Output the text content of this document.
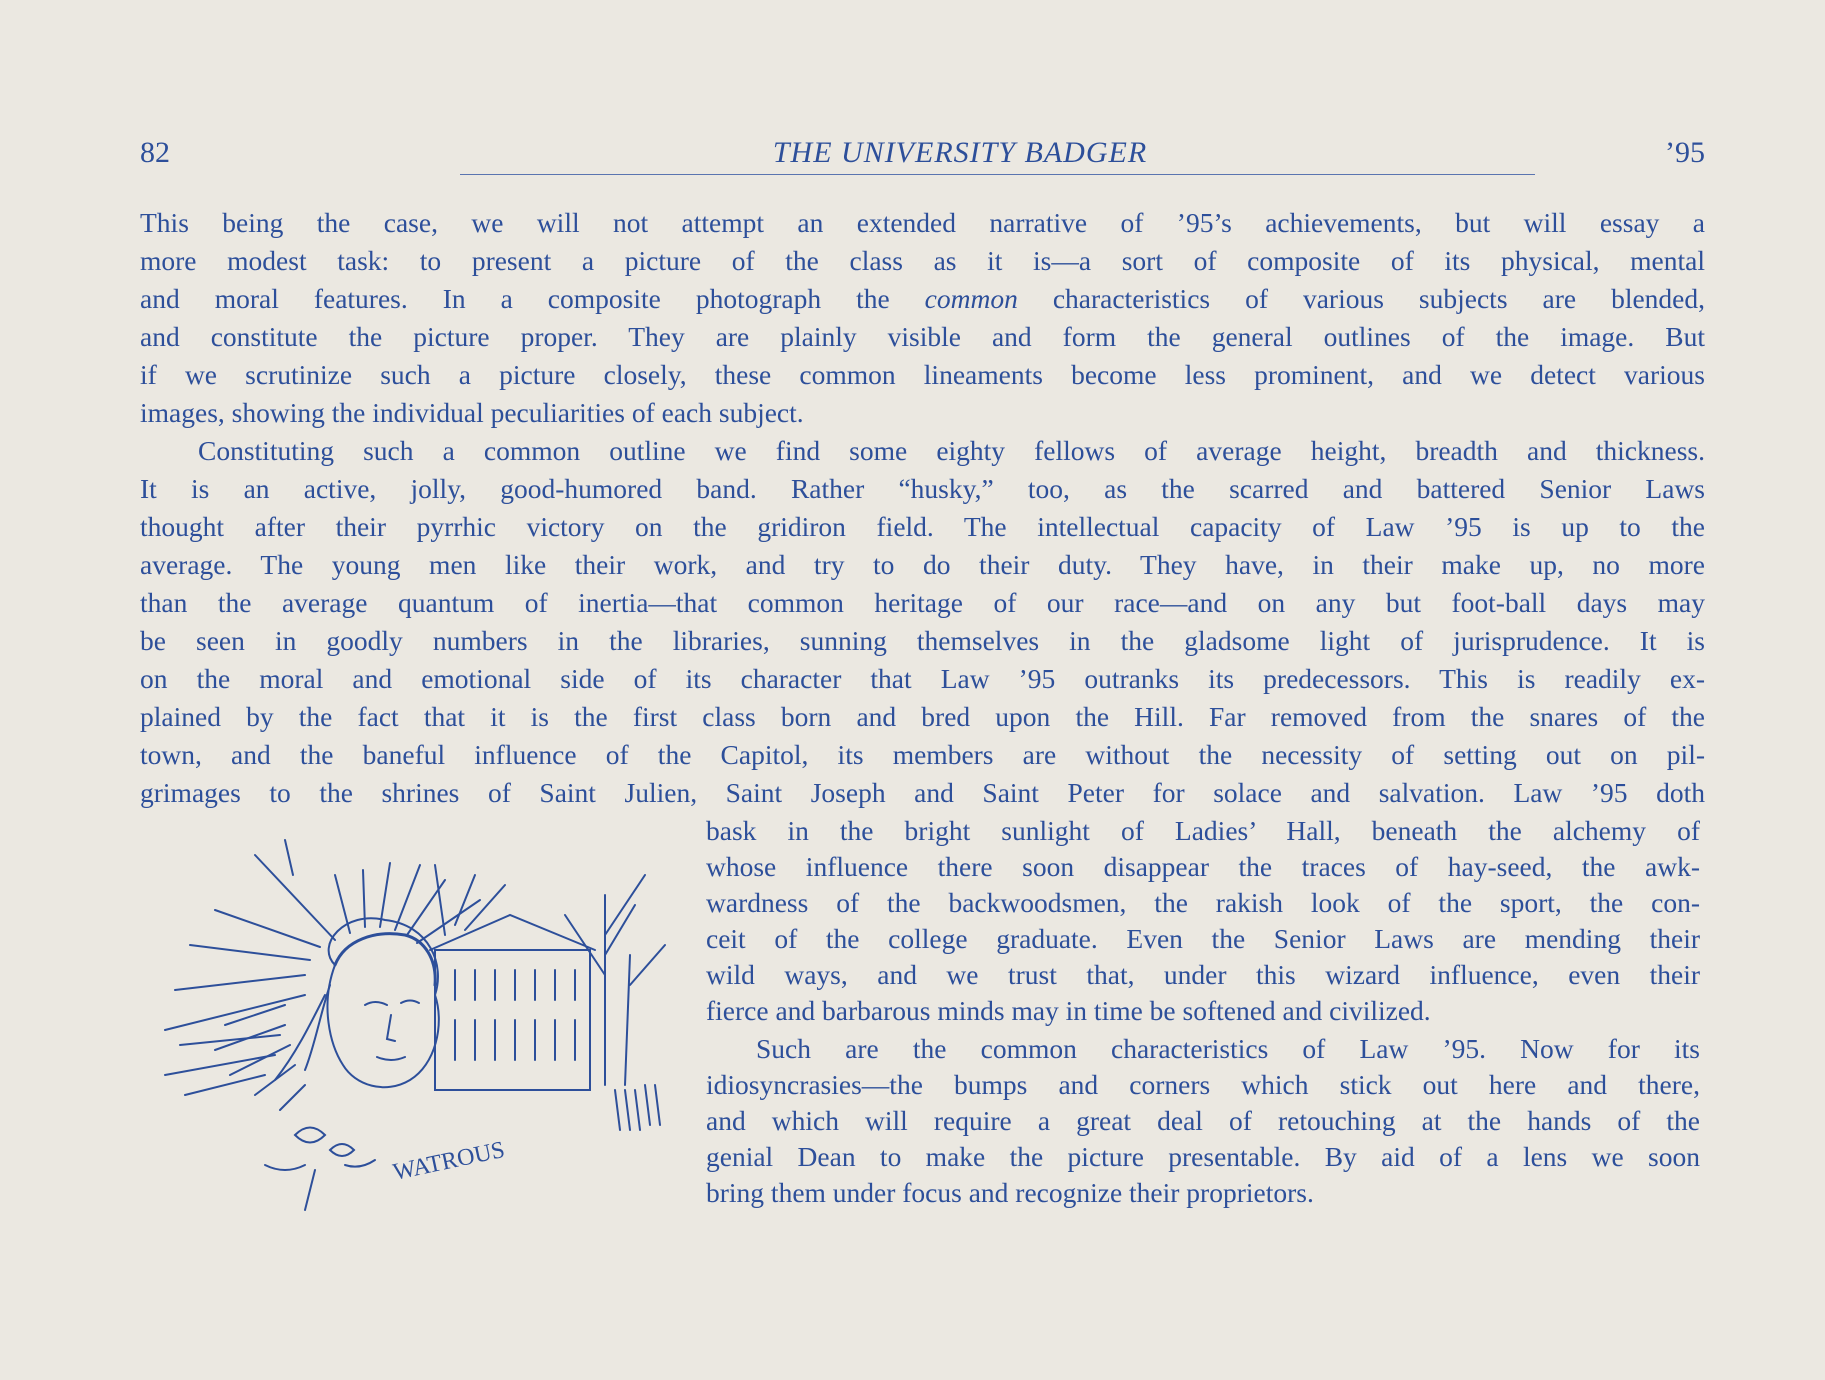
82	THE UNIVERSITY BADGER	’95
This being the case, we will not attempt an extended narrative of ’95’s achievements, but will essay a
more modest task: to present a picture of the class as it is—a sort of composite of its physical, mental
and moral features. In a composite photograph the common characteristics of various subjects are blended,
and constitute the picture proper. They are plainly visible and form the general outlines of the image. But
if we scrutinize such a picture closely, these common lineaments become less prominent, and we detect various
images, showing the individual peculiarities of each subject.
Constituting such a common outline we find some eighty fellows of average height, breadth and thickness.
It is an active, jolly, good-humored band. Rather “husky,” too, as the scarred and battered Senior Laws
thought after their pyrrhic victory on the gridiron field. The intellectual capacity of Law ’95 is up to the
average. The young men like their work, and try to do their duty. They have, in their make up, no more
than the average quantum of inertia—that common heritage of our race—and on any but foot-ball days may
be seen in goodly numbers in the libraries, sunning themselves in the gladsome light of jurisprudence. It is
on the moral and emotional side of its character that Law ’95 outranks its predecessors. This is readily ex-
plained by the fact that it is the first class born and bred upon the Hill. Far removed from the snares of the
town, and the baneful influence of the Capitol, its members are without the necessity of setting out on pil-
grimages to the shrines of Saint Julien, Saint Joseph and Saint Peter for solace and salvation. Law ’95 doth
bask in the bright sunlight of Ladies’ Hall, beneath the alchemy of
whose influence there soon disappear the traces of hay-seed, the awk-
wardness of the backwoodsmen, the rakish look of the sport, the con-
ceit of the college graduate. Even the Senior Laws are mending their
wild ways, and we trust that, under this wizard influence, even their
fierce and barbarous minds may in time be softened and civilized.
Such are the common characteristics of Law ’95. Now for its
idiosyncrasies—the bumps and corners which stick out here and there,
and which will require a great deal of retouching at the hands of the
genial Dean to make the picture presentable. By aid of a lens we soon
bring them under focus and recognize their proprietors.
WATROUS
